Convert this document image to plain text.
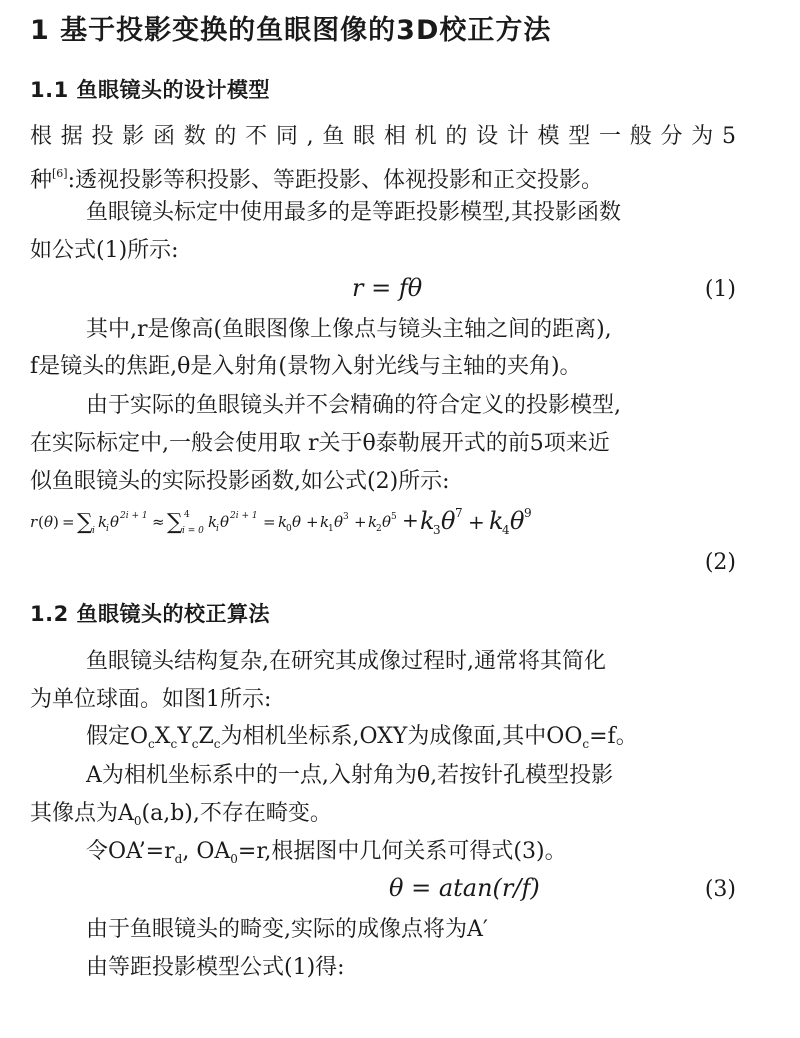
1 基于投影变换的鱼眼图像的3D校正方法
1.1 鱼眼镜头的设计模型
根据投影函数的不同,鱼眼相机的设计模型一般分为5
种[6]:透视投影等积投影、等距投影、体视投影和正交投影。
鱼眼镜头标定中使用最多的是等距投影模型,其投影函数
如公式(1)所示:
r = fθ	(1)
其中,r是像高(鱼眼图像上像点与镜头主轴之间的距离),
f是镜头的焦距,θ是入射角(景物入射光线与主轴的夹角)。
由于实际的鱼眼镜头并不会精确的符合定义的投影模型,
在实际标定中,一般会使用取 r关于θ泰勒展开式的前5项来近
似鱼眼镜头的实际投影函数,如公式(2)所示:
r ( θ ) = ∑ i k
i θ 2i + 1 ≈ ∑ 4
i = 0 k
i θ 2i + 1 = k
0 θ + k
1 θ 3 + k
2 θ 5 + k
3 θ 7 + k
4 θ 9
(2)
1.2 鱼眼镜头的校正算法
鱼眼镜头结构复杂,在研究其成像过程时,通常将其简化
为单位球面。如图1所示:
假定$O_cX_cY_cZ_c$为相机坐标系,OXY为成像面,其中$OO_c=f$。
A为相机坐标系中的一点,入射角为θ,若按针孔模型投影
其像点为$A_0(a,b)$,不存在畸变。
令$OA’=r_d$, $OA_0=r$,根据图中几何关系可得式(3)。
θ = atan(r/f)	(3)
由于鱼眼镜头的畸变,实际的成像点将为A′
由等距投影模型公式(1)得:
